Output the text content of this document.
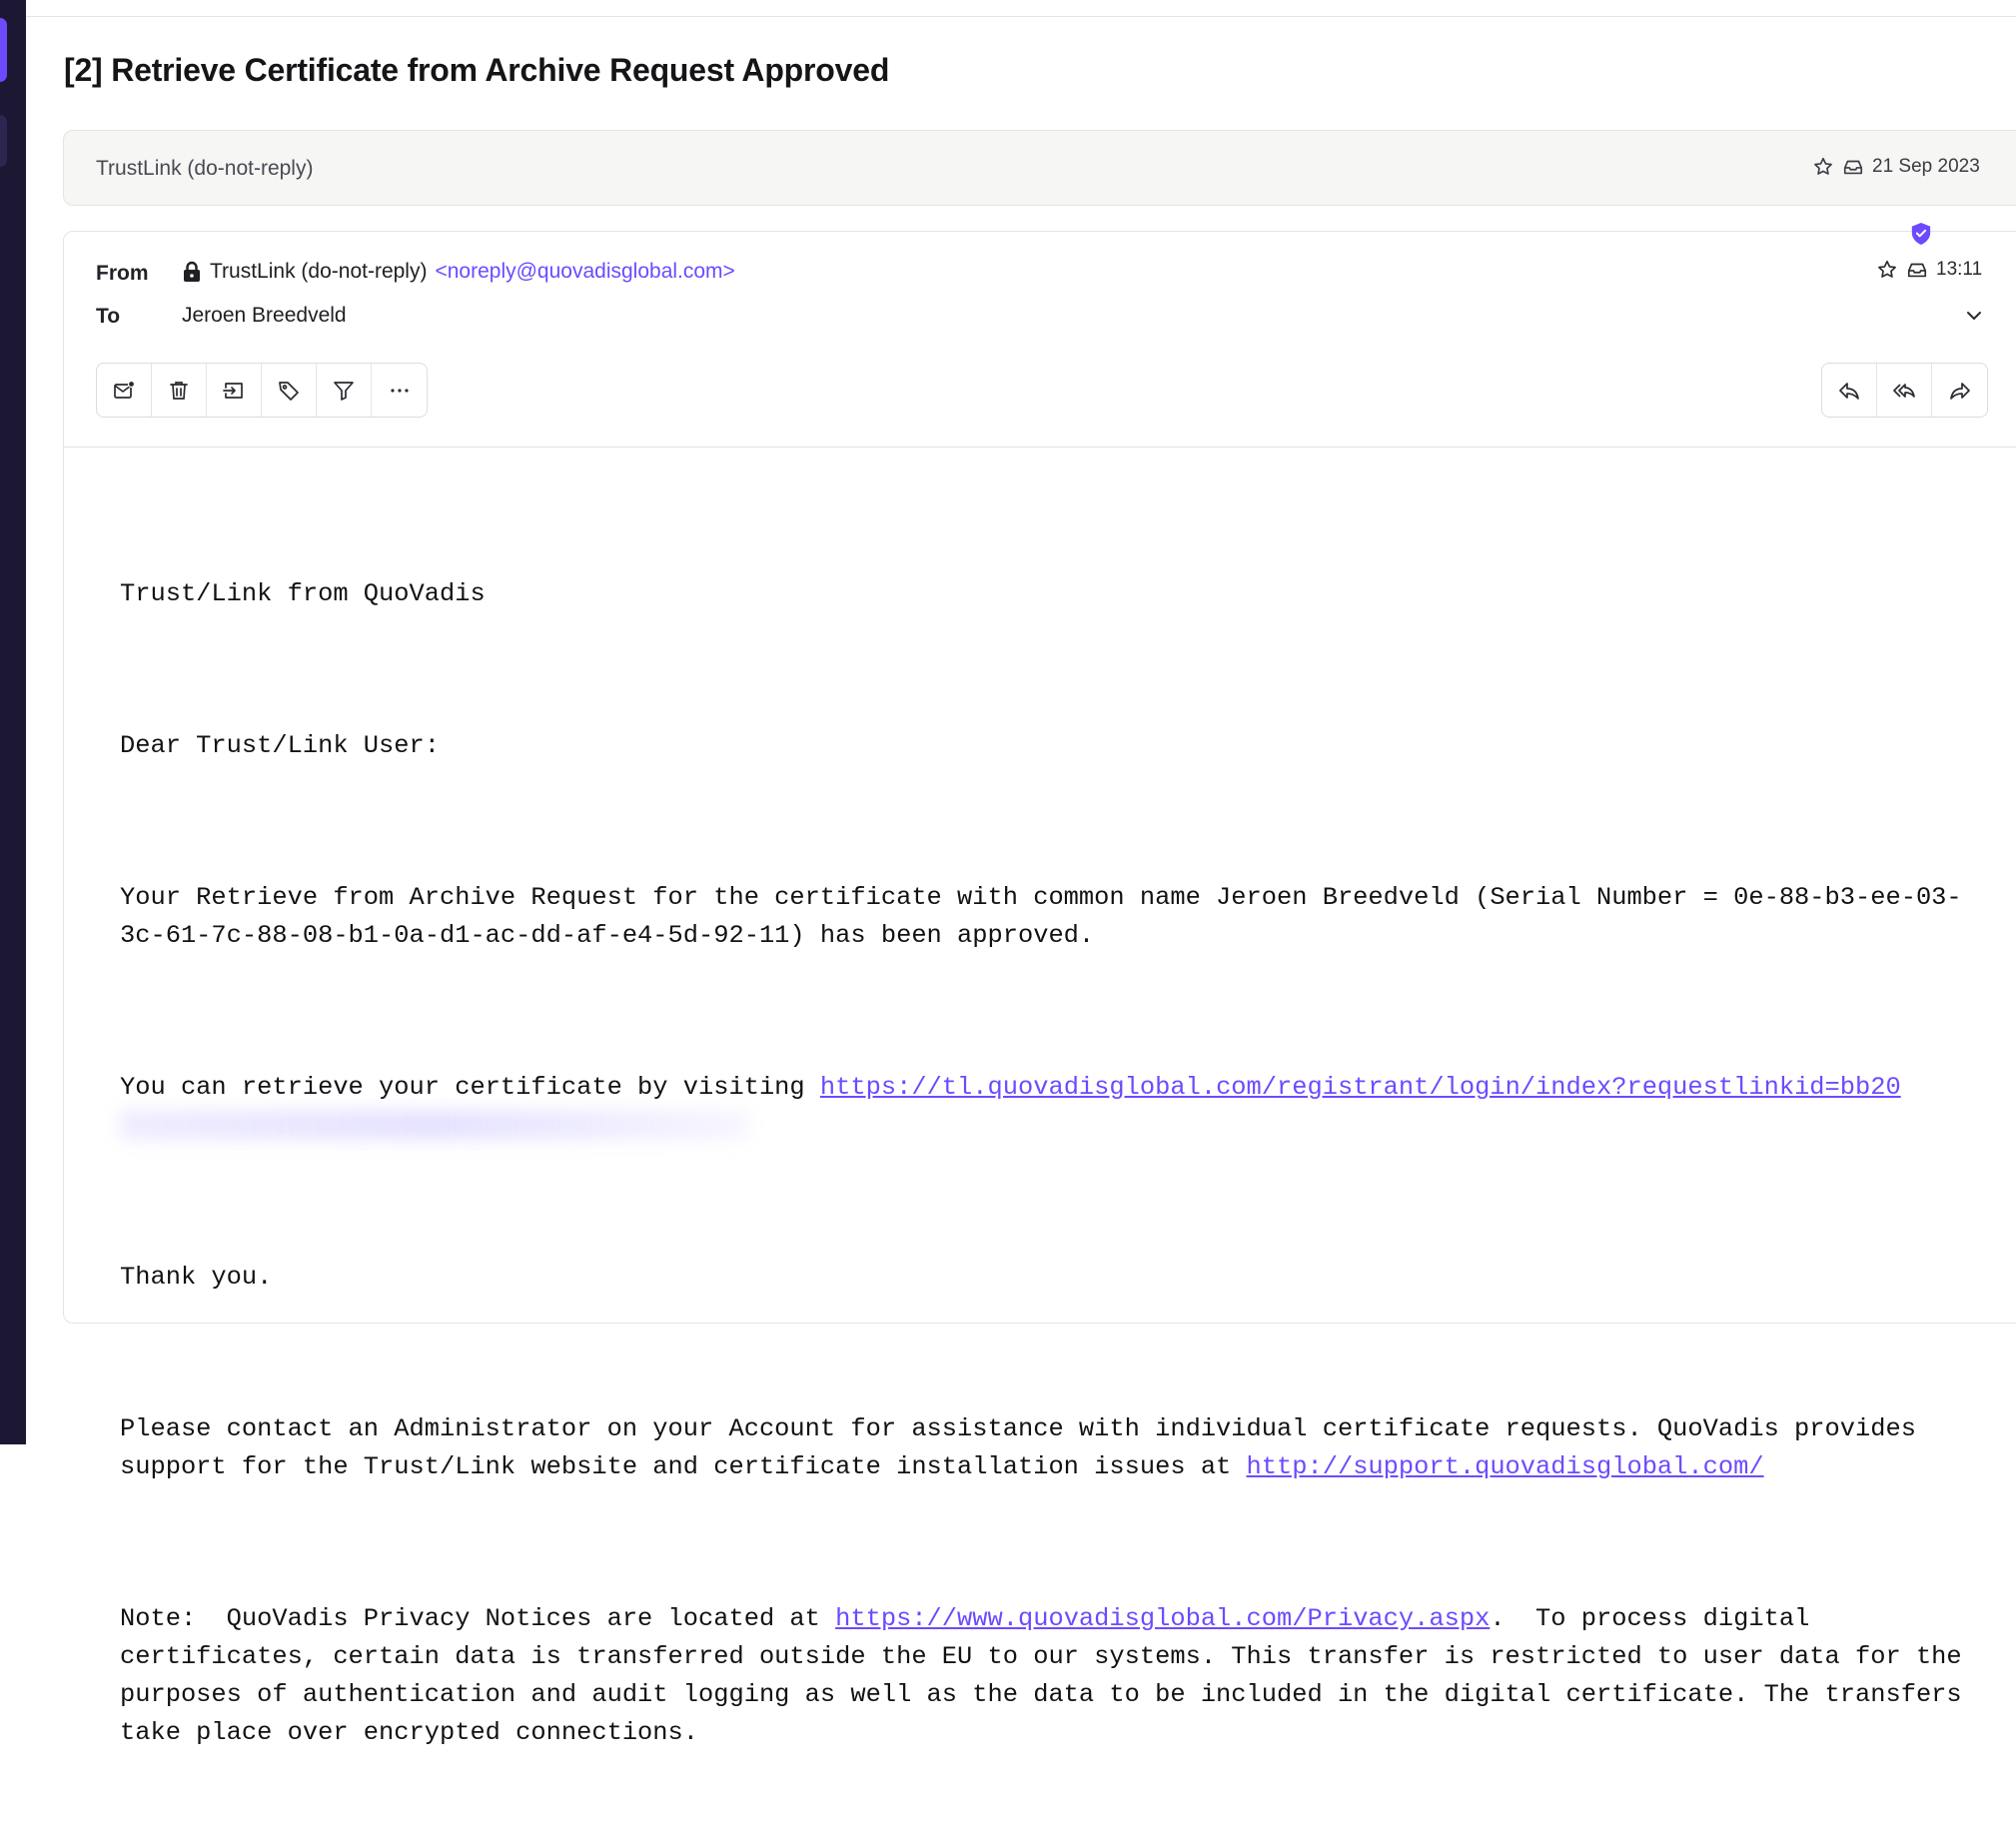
[2] Retrieve Certificate from Archive Request Approved
TrustLink (do-not-reply)	21 Sep 2023
From
To
TrustLink (do-not-reply) <noreply@quovadisglobal.com>
Jeroen Breedveld
13:11

Trust/Link from QuoVadis

Dear Trust/Link User:

Your Retrieve from Archive Request for the certificate with common name Jeroen Breedveld (Serial Number = 0e-88-b3-ee-03-3c-61-7c-88-08-b1-0a-d1-ac-dd-af-e4-5d-92-11) has been approved.

You can retrieve your certificate by visiting https://tl.quovadisglobal.com/registrant/login/index?requestlinkid=bb20

Thank you.

Please contact an Administrator on your Account for assistance with individual certificate requests. QuoVadis provides support for the Trust/Link website and certificate installation issues at http://support.quovadisglobal.com/

Note:  QuoVadis Privacy Notices are located at https://www.quovadisglobal.com/Privacy.aspx.  To process digital certificates, certain data is transferred outside the EU to our systems. This transfer is restricted to user data for the purposes of authentication and audit logging as well as the data to be included in the digital certificate. The transfers take place over encrypted connections.
